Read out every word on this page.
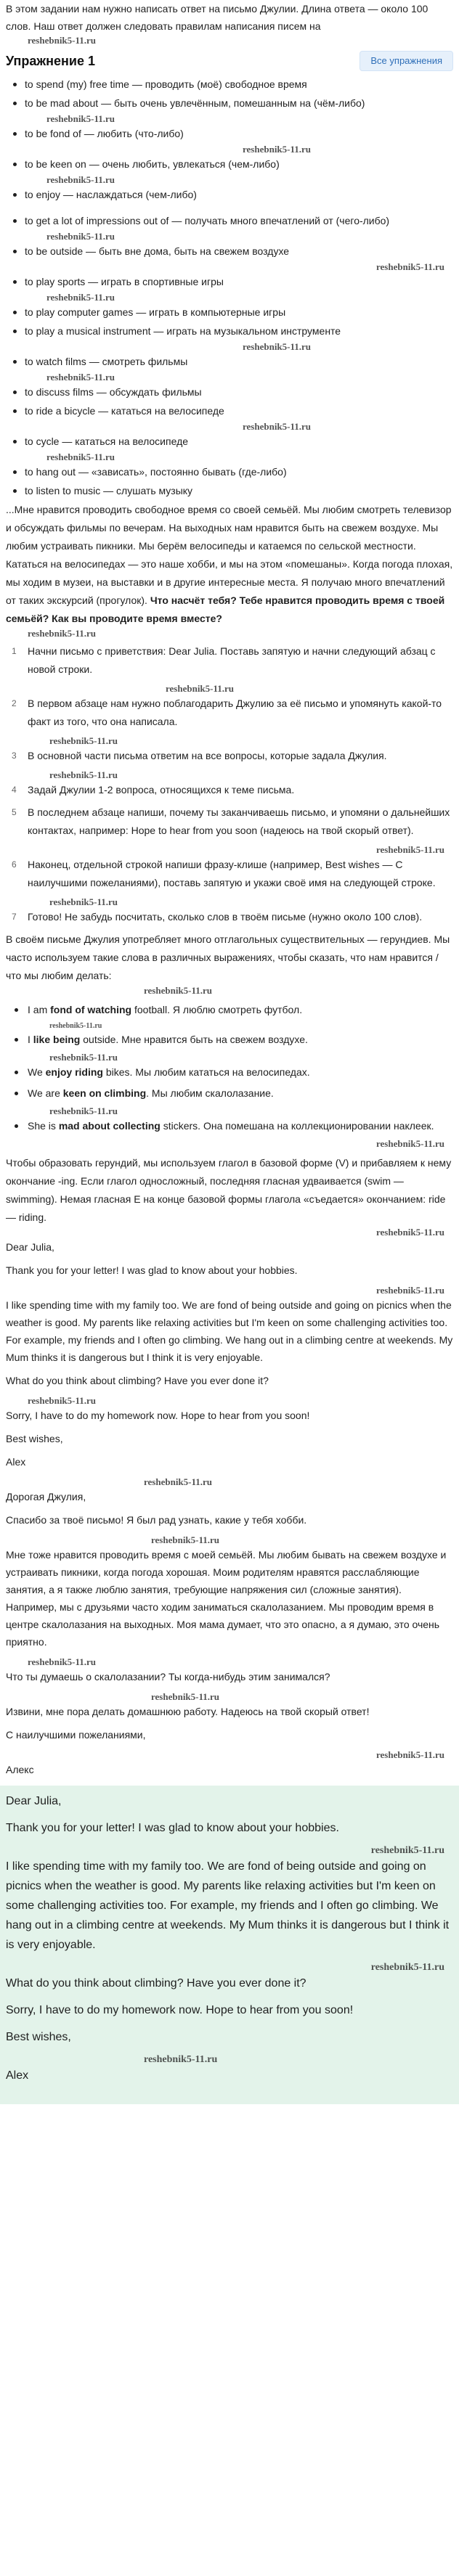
В этом задании нам нужно написать ответ на письмо Джулии. Длина ответа — около 100 слов. Наш ответ должен следовать правилам написания писем на

reshebnik5-11.ru
Упражнение 1	Все упражнения
to spend (my) free time — проводить (моё) свободное время
to be mad about — быть очень увлечённым, помешанным на (чём-либо)
reshebnik5-11.ru
to be fond of — любить (что-либо)
reshebnik5-11.ru
to be keen on — очень любить, увлекаться (чем-либо)
reshebnik5-11.ru
to enjoy — наслаждаться (чем-либо)
to get a lot of impressions out of — получать много впечатлений от (чего-либо)
reshebnik5-11.ru
to be outside — быть вне дома, быть на свежем воздухе
reshebnik5-11.ru
to play sports — играть в спортивные игры
reshebnik5-11.ru
to play computer games — играть в компьютерные игры
to play a musical instrument — играть на музыкальном инструменте
reshebnik5-11.ru
to watch films — смотреть фильмы
reshebnik5-11.ru
to discuss films — обсуждать фильмы
to ride a bicycle — кататься на велосипеде
reshebnik5-11.ru
to cycle — кататься на велосипеде
reshebnik5-11.ru
to hang out — «зависать», постоянно бывать (где-либо)
to listen to music — слушать музыку

...Мне нравится проводить свободное время со своей семьёй. Мы любим смотреть телевизор и обсуждать фильмы по вечерам. На выходных нам нравится быть на свежем воздухе. Мы любим устраивать пикники. Мы берём велосипеды и катаемся по сельской местности. Кататься на велосипедах — это наше хобби, и мы на этом «помешаны». Когда погода плохая, мы ходим в музеи, на выставки и в другие интересные места. Я получаю много впечатлений от таких экскурсий (прогулок). Что насчёт тебя? Тебе нравится проводить время с твоей семьёй? Как вы проводите время вместе?

reshebnik5-11.ru
1 Начни письмо с приветствия: Dear Julia. Поставь запятую и начни следующий абзац с новой строки.
reshebnik5-11.ru
2 В первом абзаце нам нужно поблагодарить Джулию за её письмо и упомянуть какой-то факт из того, что она написала.
reshebnik5-11.ru
3 В основной части письма ответим на все вопросы, которые задала Джулия.
reshebnik5-11.ru
4 Задай Джулии 1-2 вопроса, относящихся к теме письма.
5 В последнем абзаце напиши, почему ты заканчиваешь письмо, и упомяни о дальнейших контактах, например: Hope to hear from you soon (надеюсь на твой скорый ответ).
reshebnik5-11.ru
6 Наконец, отдельной строкой напиши фразу-клише (например, Best wishes — С наилучшими пожеланиями), поставь запятую и укажи своё имя на следующей строке.
reshebnik5-11.ru
7 Готово! Не забудь посчитать, сколько слов в твоём письме (нужно около 100 слов).

В своём письме Джулия употребляет много отглагольных существительных — герундиев. Мы часто используем такие слова в различных выражениях, чтобы сказать, что нам нравится / что мы любим делать:

reshebnik5-11.ru
I am fond of watching football. Я люблю смотреть футбол.
reshebnik5-11.ru
I like being outside. Мне нравится быть на свежем воздухе.
reshebnik5-11.ru
We enjoy riding bikes. Мы любим кататься на велосипедах.
We are keen on climbing. Мы любим скалолазание.
reshebnik5-11.ru
She is mad about collecting stickers. Она помешана на коллекционировании наклеек.
reshebnik5-11.ru

Чтобы образовать герундий, мы используем глагол в базовой форме (V) и прибавляем к нему окончание -ing. Если глагол односложный, последняя гласная удваивается (swim — swimming). Немая гласная E на конце базовой формы глагола «съедается» окончанием: ride — riding.

reshebnik5-11.ru

Dear Julia,

Thank you for your letter! I was glad to know about your hobbies.

reshebnik5-11.ru

I like spending time with my family too. We are fond of being outside and going on picnics when the weather is good. My parents like relaxing activities but I'm keen on some challenging activities too. For example, my friends and I often go climbing. We hang out in a climbing centre at weekends. My Mum thinks it is dangerous but I think it is very enjoyable.

What do you think about climbing? Have you ever done it?

reshebnik5-11.ru

Sorry, I have to do my homework now. Hope to hear from you soon!

Best wishes,

Alex

reshebnik5-11.ru

Дорогая Джулия,

Спасибо за твоё письмо! Я был рад узнать, какие у тебя хобби.

reshebnik5-11.ru

Мне тоже нравится проводить время с моей семьёй. Мы любим бывать на свежем воздухе и устраивать пикники, когда погода хорошая. Моим родителям нравятся расслабляющие занятия, а я также люблю занятия, требующие напряжения сил (сложные занятия). Например, мы с друзьями часто ходим заниматься скалолазанием. Мы проводим время в центре скалолазания на выходных. Моя мама думает, что это опасно, а я думаю, это очень приятно.

reshebnik5-11.ru

Что ты думаешь о скалолазании? Ты когда-нибудь этим занимался?

reshebnik5-11.ru

Извини, мне пора делать домашнюю работу. Надеюсь на твой скорый ответ!

С наилучшими пожеланиями,

reshebnik5-11.ru

Алекс

Dear Julia,

Thank you for your letter! I was glad to know about your hobbies.

reshebnik5-11.ru

I like spending time with my family too. We are fond of being outside and going on picnics when the weather is good. My parents like relaxing activities but I'm keen on some challenging activities too. For example, my friends and I often go climbing. We hang out in a climbing centre at weekends. My Mum thinks it is dangerous but I think it is very enjoyable.

reshebnik5-11.ru

What do you think about climbing? Have you ever done it?

Sorry, I have to do my homework now. Hope to hear from you soon!

Best wishes,

reshebnik5-11.ru

Alex
